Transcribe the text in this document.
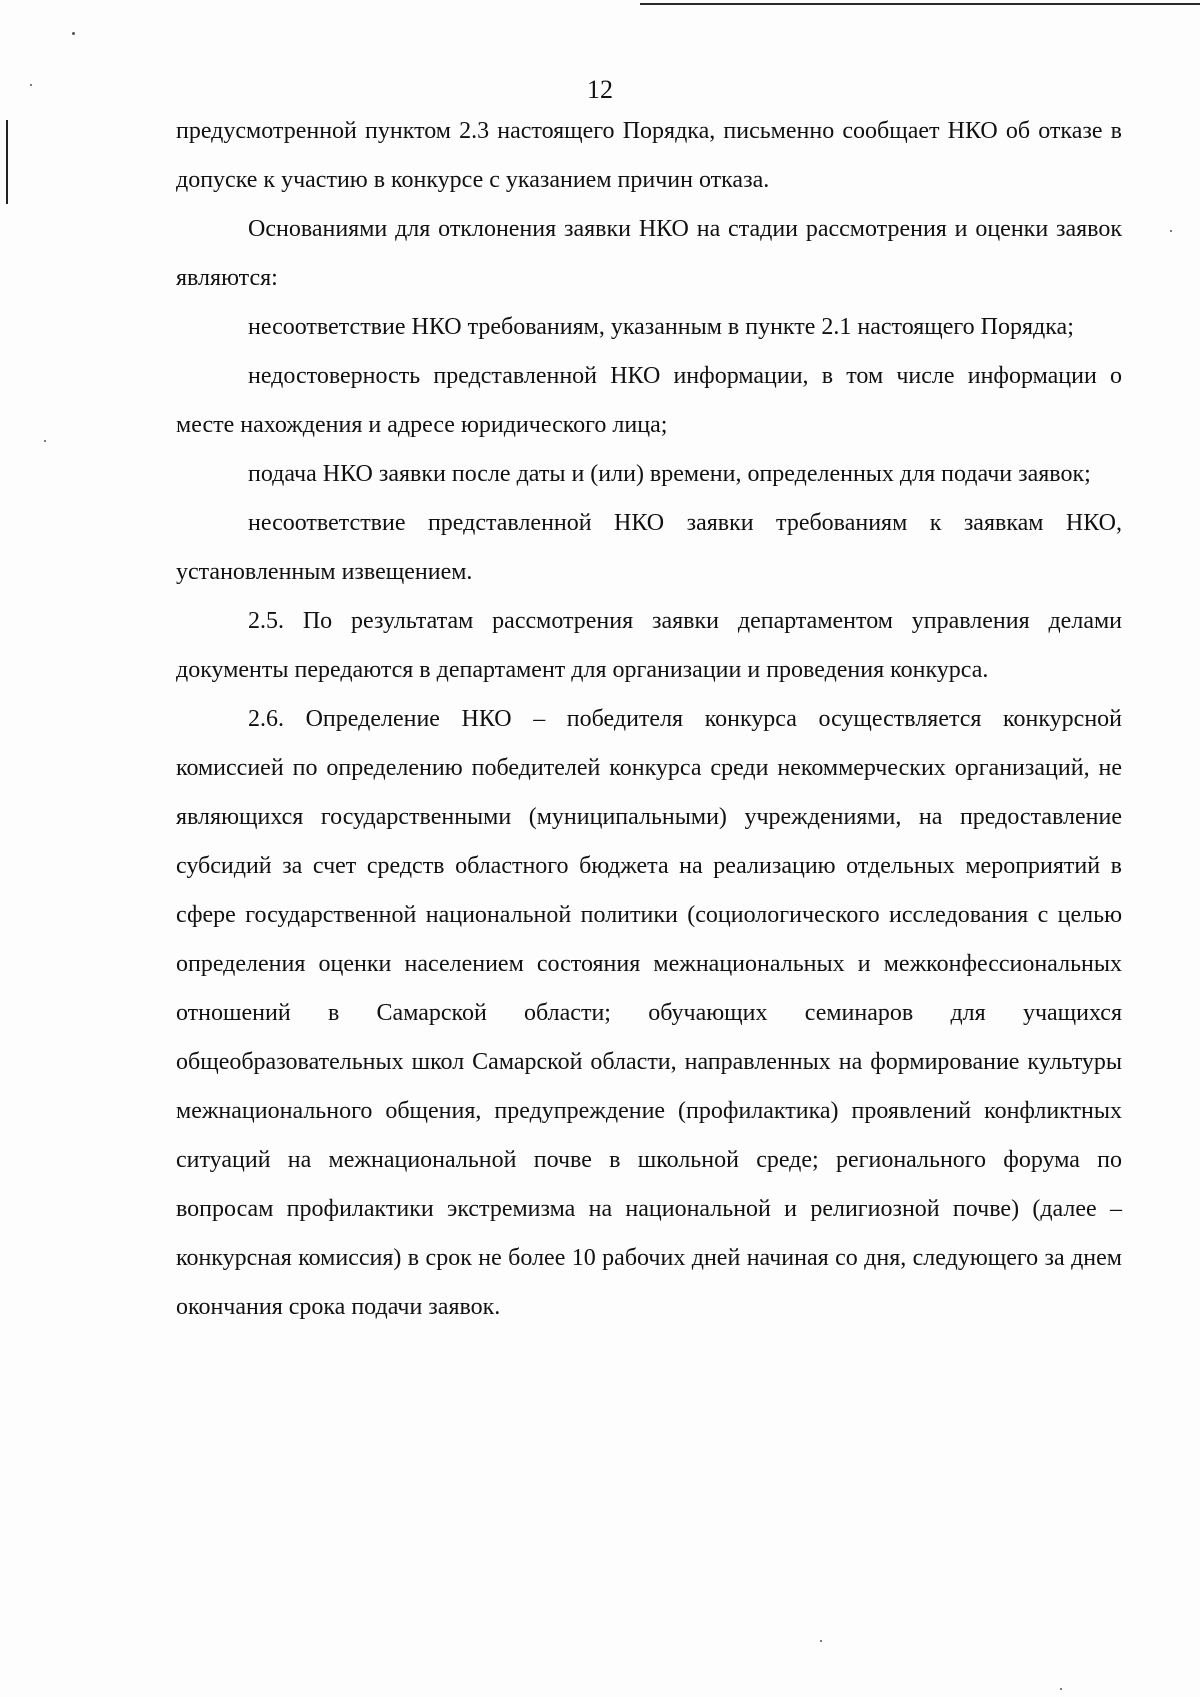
12

предусмотренной пунктом 2.3 настоящего Порядка, письменно сообщает НКО об отказе в допуске к участию в конкурсе с указанием причин отказа.

Основаниями для отклонения заявки НКО на стадии рассмотрения и оценки заявок являются:

несоответствие НКО требованиям, указанным в пункте 2.1 настоящего Порядка;

недостоверность представленной НКО информации, в том числе информации о месте нахождения и адресе юридического лица;

подача НКО заявки после даты и (или) времени, определенных для подачи заявок;

несоответствие представленной НКО заявки требованиям к заявкам НКО, установленным извещением.

2.5. По результатам рассмотрения заявки департаментом управления делами документы передаются в департамент для организации и проведения конкурса.

2.6. Определение НКО – победителя конкурса осуществляется конкурсной комиссией по определению победителей конкурса среди некоммерческих организаций, не являющихся государственными (муниципальными) учреждениями, на предоставление субсидий за счет средств областного бюджета на реализацию отдельных мероприятий в сфере государственной национальной политики (социологического исследования с целью определения оценки населением состояния межнациональных и межконфессиональных отношений в Самарской области; обучающих семинаров для учащихся общеобразовательных школ Самарской области, направленных на формирование культуры межнационального общения, предупреждение (профилактика) проявлений конфликтных ситуаций на межнациональной почве в школьной среде; регионального форума по вопросам профилактики экстремизма на национальной и религиозной почве) (далее – конкурсная комиссия) в срок не более 10 рабочих дней начиная со дня, следующего за днем окончания срока подачи заявок.
